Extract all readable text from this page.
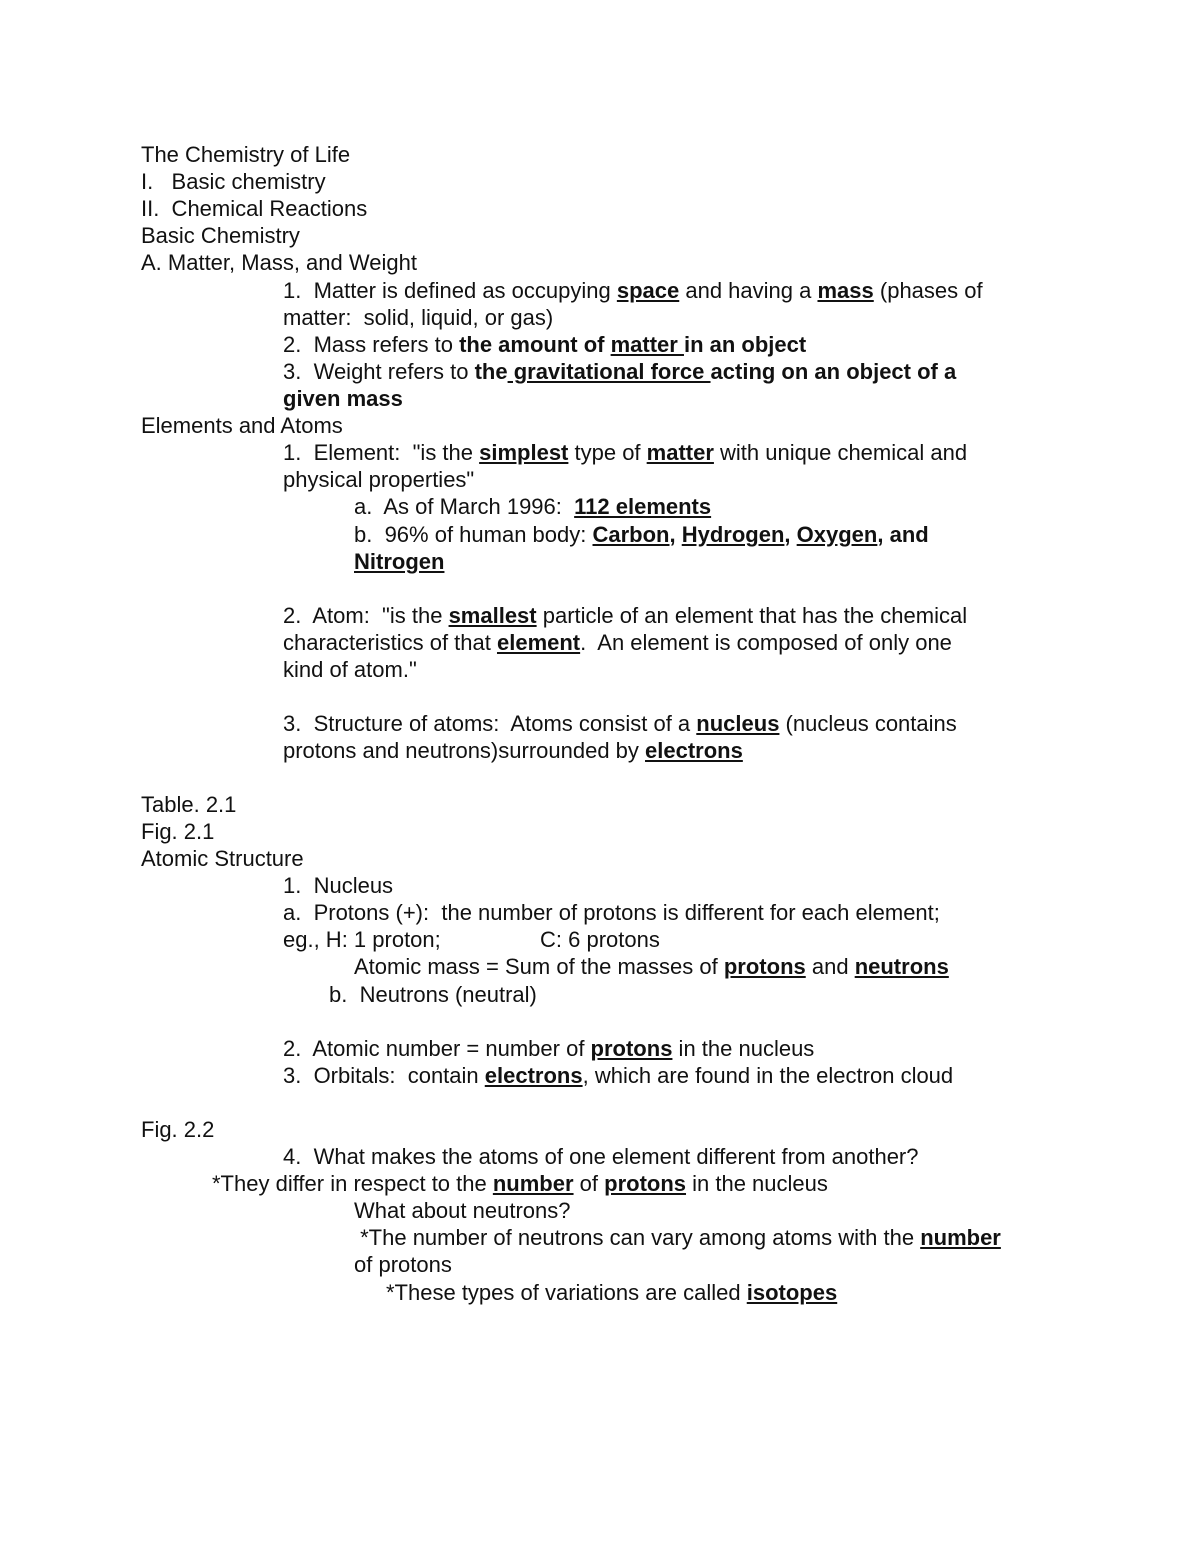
The Chemistry of Life
I.   Basic chemistry
II.  Chemical Reactions
Basic Chemistry
A. Matter, Mass, and Weight
1.  Matter is defined as occupying space and having a mass (phases of
matter:  solid, liquid, or gas)
2.  Mass refers to the amount of matter in an object
3.  Weight refers to the gravitational force acting on an object of a
given mass
Elements and Atoms
1.  Element:  "is the simplest type of matter with unique chemical and
physical properties"
a.  As of March 1996:  112 elements
b.  96% of human body: Carbon, Hydrogen, Oxygen, and
Nitrogen
2.  Atom:  "is the smallest particle of an element that has the chemical
characteristics of that element.  An element is composed of only one
kind of atom."
3.  Structure of atoms:  Atoms consist of a nucleus (nucleus contains
protons and neutrons)surrounded by electrons
Table. 2.1
Fig. 2.1
Atomic Structure
1.  Nucleus
a.  Protons (+):  the number of protons is different for each element;
eg., H: 1 proton;	C: 6 protons
Atomic mass = Sum of the masses of protons and neutrons
b.  Neutrons (neutral)
2.  Atomic number = number of protons in the nucleus
3.  Orbitals:  contain electrons, which are found in the electron cloud
Fig. 2.2
4.  What makes the atoms of one element different from another?
*They differ in respect to the number of protons in the nucleus
What about neutrons?
*The number of neutrons can vary among atoms with the number
of protons
*These types of variations are called isotopes
